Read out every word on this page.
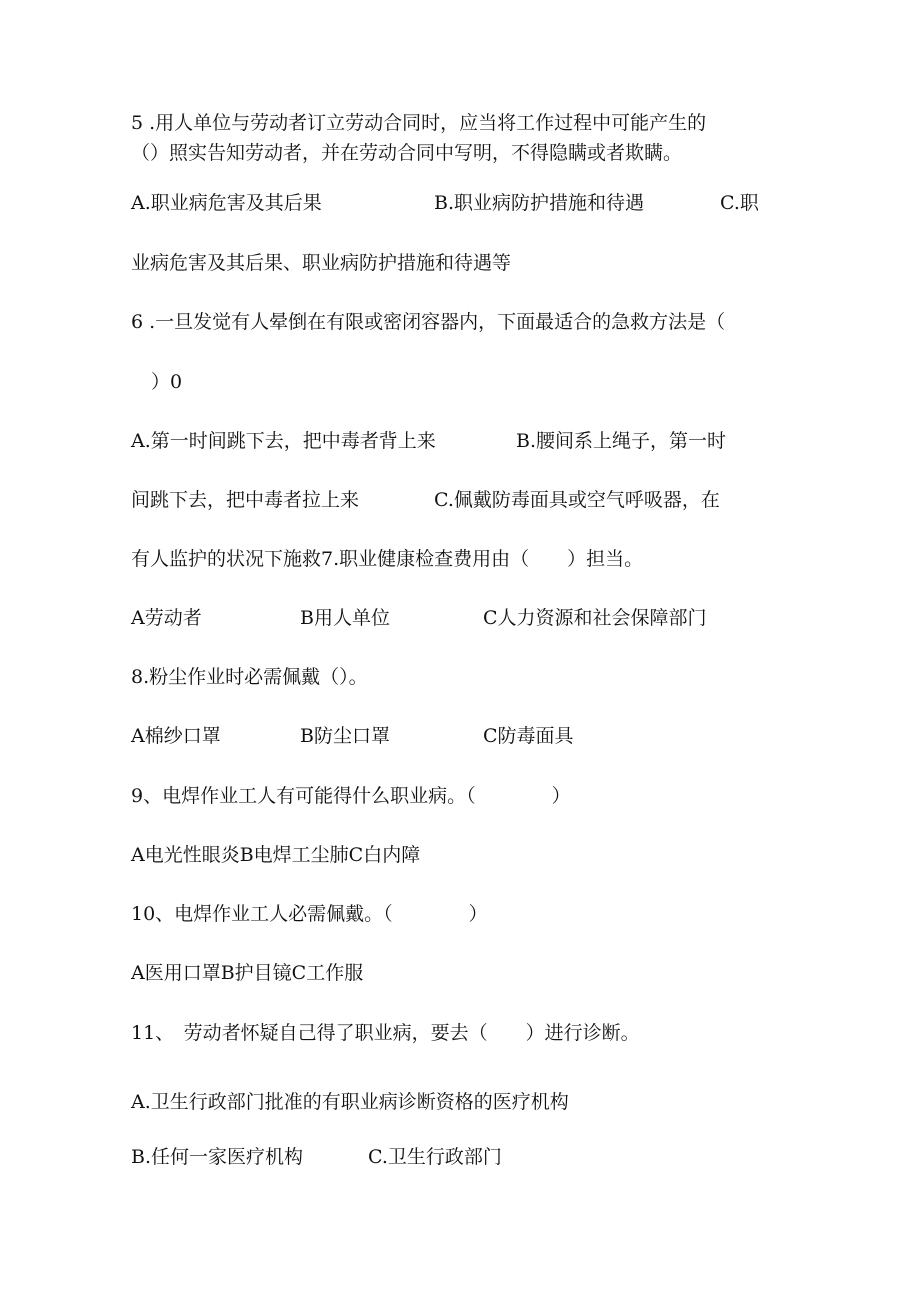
5 .用人单位与劳动者订立劳动合同时，应当将工作过程中可能产生的
（）照实告知劳动者，并在劳动合同中写明，不得隐瞒或者欺瞒。
A.职业病危害及其后果	B.职业病防护措施和待遇	C.职
业病危害及其后果、职业病防护措施和待遇等
6 .一旦发觉有人晕倒在有限或密闭容器内，下面最适合的急救方法是（
）0
A.第一时间跳下去，把中毒者背上来	B.腰间系上绳子，第一时
间跳下去，把中毒者拉上来	C.佩戴防毒面具或空气呼吸器，在
有人监护的状况下施救7.职业健康检查费用由（　　）担当。
A劳动者	B用人单位	C人力资源和社会保障部门
8.粉尘作业时必需佩戴（）。
A棉纱口罩	B防尘口罩	C防毒面具
9、电焊作业工人有可能得什么职业病。（　　　　）
A电光性眼炎B电焊工尘肺C白内障
10、电焊作业工人必需佩戴。（　　　　）
A医用口罩B护目镜C工作服
11、　劳动者怀疑自己得了职业病，要去（　　）进行诊断。
A.卫生行政部门批准的有职业病诊断资格的医疗机构
B.任何一家医疗机构	C.卫生行政部门
